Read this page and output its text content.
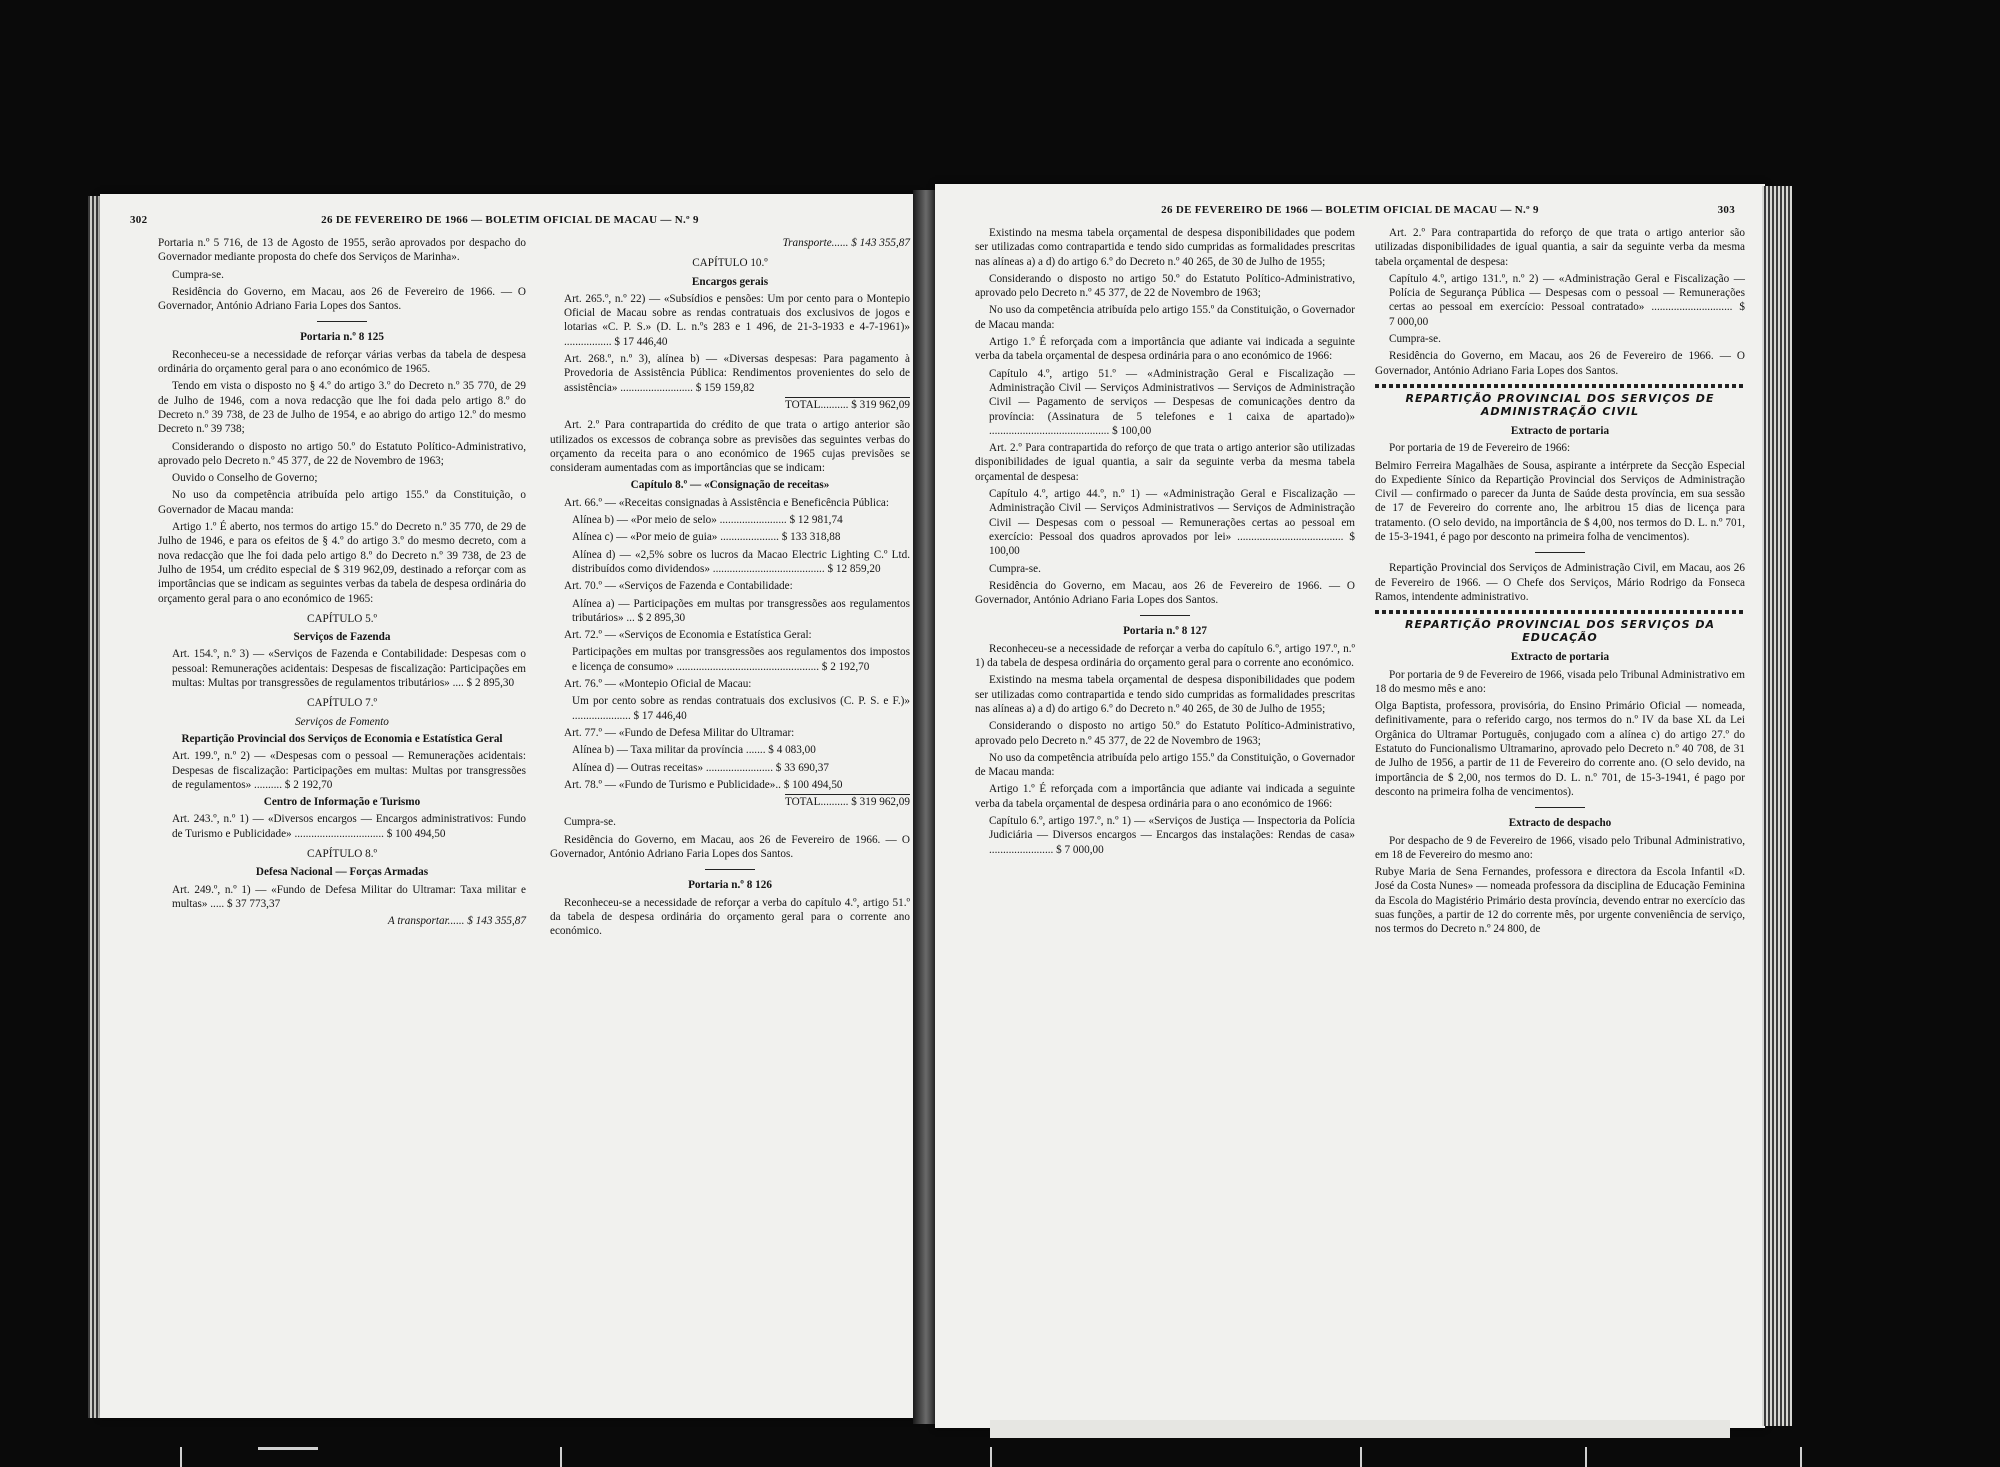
302	26 DE FEVEREIRO DE 1966 — BOLETIM OFICIAL DE MACAU — N.º 9

Portaria n.º 5 716, de 13 de Agosto de 1955, serão aprovados por despacho do Governador mediante proposta do chefe dos Serviços de Marinha».

Cumpra-se.

Residência do Governo, em Macau, aos 26 de Fevereiro de 1966. — O Governador, António Adriano Faria Lopes dos Santos.

Portaria n.º 8 125

Reconheceu-se a necessidade de reforçar várias verbas da tabela de despesa ordinária do orçamento geral para o ano económico de 1965.

Tendo em vista o disposto no § 4.º do artigo 3.º do Decreto n.º 35 770, de 29 de Julho de 1946, com a nova redacção que lhe foi dada pelo artigo 8.º do Decreto n.º 39 738, de 23 de Julho de 1954, e ao abrigo do artigo 12.º do mesmo Decreto n.º 39 738;

Considerando o disposto no artigo 50.º do Estatuto Político-Administrativo, aprovado pelo Decreto n.º 45 377, de 22 de Novembro de 1963;

Ouvido o Conselho de Governo;

No uso da competência atribuída pelo artigo 155.º da Constituição, o Governador de Macau manda:

Artigo 1.º É aberto, nos termos do artigo 15.º do Decreto n.º 35 770, de 29 de Julho de 1946, e para os efeitos de § 4.º do artigo 3.º do mesmo decreto, com a nova redacção que lhe foi dada pelo artigo 8.º do Decreto n.º 39 738, de 23 de Julho de 1954, um crédito especial de $ 319 962,09, destinado a reforçar com as importâncias que se indicam as seguintes verbas da tabela de despesa ordinária do orçamento geral para o ano económico de 1965:

CAPÍTULO 5.º
Serviços de Fazenda

Art. 154.º, n.º 3) — «Serviços de Fazenda e Contabilidade: Despesas com o pessoal: Remunerações acidentais: Despesas de fiscalização: Participações em multas: Multas por transgressões de regulamentos tributários» .... $ 2 895,30

CAPÍTULO 7.º
Serviços de Fomento
Repartição Provincial dos Serviços de Economia e Estatística Geral

Art. 199.º, n.º 2) — «Despesas com o pessoal — Remunerações acidentais: Despesas de fiscalização: Participações em multas: Multas por transgressões de regulamentos» .......... $ 2 192,70

Centro de Informação e Turismo

Art. 243.º, n.º 1) — «Diversos encargos — Encargos administrativos: Fundo de Turismo e Publicidade» ................................ $ 100 494,50

CAPÍTULO 8.º
Defesa Nacional — Forças Armadas

Art. 249.º, n.º 1) — «Fundo de Defesa Militar do Ultramar: Taxa militar e multas» ..... $ 37 773,37

A transportar...... $ 143 355,87
Transporte...... $ 143 355,87
CAPÍTULO 10.º
Encargos gerais

Art. 265.º, n.º 22) — «Subsídios e pensões: Um por cento para o Montepio Oficial de Macau sobre as rendas contratuais dos exclusivos de jogos e lotarias «C. P. S.» (D. L. n.ºs 283 e 1 496, de 21-3-1933 e 4-7-1961)» ................. $ 17 446,40

Art. 268.º, n.º 3), alínea b) — «Diversas despesas: Para pagamento à Provedoria de Assistência Pública: Rendimentos provenientes do selo de assistência» .......................... $ 159 159,82

TOTAL.......... $ 319 962,09

Art. 2.º Para contrapartida do crédito de que trata o artigo anterior são utilizados os excessos de cobrança sobre as previsões das seguintes verbas do orçamento da receita para o ano económico de 1965 cujas previsões se consideram aumentadas com as importâncias que se indicam:

Capítulo 8.º — «Consignação de receitas»

Art. 66.º — «Receitas consignadas à Assistência e Beneficência Pública:

Alínea b) — «Por meio de selo» ........................ $ 12 981,74

Alínea c) — «Por meio de guia» ..................... $ 133 318,88

Alínea d) — «2,5% sobre os lucros da Macao Electric Lighting C.º Ltd. distribuídos como dividendos» ........................................ $ 12 859,20

Art. 70.º — «Serviços de Fazenda e Contabilidade:

Alínea a) — Participações em multas por transgressões aos regulamentos tributários» ... $ 2 895,30

Art. 72.º — «Serviços de Economia e Estatística Geral:

Participações em multas por transgressões aos regulamentos dos impostos e licença de consumo» ................................................... $ 2 192,70

Art. 76.º — «Montepio Oficial de Macau:

Um por cento sobre as rendas contratuais dos exclusivos (C. P. S. e F.)» ..................... $ 17 446,40

Art. 77.º — «Fundo de Defesa Militar do Ultramar:

Alínea b) — Taxa militar da província ....... $ 4 083,00

Alínea d) — Outras receitas» ........................ $ 33 690,37

Art. 78.º — «Fundo de Turismo e Publicidade».. $ 100 494,50

TOTAL.......... $ 319 962,09

Cumpra-se.

Residência do Governo, em Macau, aos 26 de Fevereiro de 1966. — O Governador, António Adriano Faria Lopes dos Santos.

Portaria n.º 8 126

Reconheceu-se a necessidade de reforçar a verba do capítulo 4.º, artigo 51.º da tabela de despesa ordinária do orçamento geral para o corrente ano económico.

26 DE FEVEREIRO DE 1966 — BOLETIM OFICIAL DE MACAU — N.º 9	303

Existindo na mesma tabela orçamental de despesa disponibilidades que podem ser utilizadas como contrapartida e tendo sido cumpridas as formalidades prescritas nas alíneas a) a d) do artigo 6.º do Decreto n.º 40 265, de 30 de Julho de 1955;

Considerando o disposto no artigo 50.º do Estatuto Político-Administrativo, aprovado pelo Decreto n.º 45 377, de 22 de Novembro de 1963;

No uso da competência atribuída pelo artigo 155.º da Constituição, o Governador de Macau manda:

Artigo 1.º É reforçada com a importância que adiante vai indicada a seguinte verba da tabela orçamental de despesa ordinária para o ano económico de 1966:

Capítulo 4.º, artigo 51.º — «Administração Geral e Fiscalização — Administração Civil — Serviços Administrativos — Serviços de Administração Civil — Pagamento de serviços — Despesas de comunicações dentro da província: (Assinatura de 5 telefones e 1 caixa de apartado)» ........................................... $ 100,00

Art. 2.º Para contrapartida do reforço de que trata o artigo anterior são utilizadas disponibilidades de igual quantia, a sair da seguinte verba da mesma tabela orçamental de despesa:

Capítulo 4.º, artigo 44.º, n.º 1) — «Administração Geral e Fiscalização — Administração Civil — Serviços Administrativos — Serviços de Administração Civil — Despesas com o pessoal — Remunerações certas ao pessoal em exercício: Pessoal dos quadros aprovados por lei» ...................................... $ 100,00

Cumpra-se.

Residência do Governo, em Macau, aos 26 de Fevereiro de 1966. — O Governador, António Adriano Faria Lopes dos Santos.

Portaria n.º 8 127

Reconheceu-se a necessidade de reforçar a verba do capítulo 6.º, artigo 197.º, n.º 1) da tabela de despesa ordinária do orçamento geral para o corrente ano económico.

Existindo na mesma tabela orçamental de despesa disponibilidades que podem ser utilizadas como contrapartida e tendo sido cumpridas as formalidades prescritas nas alíneas a) a d) do artigo 6.º do Decreto n.º 40 265, de 30 de Julho de 1955;

Considerando o disposto no artigo 50.º do Estatuto Político-Administrativo, aprovado pelo Decreto n.º 45 377, de 22 de Novembro de 1963;

No uso da competência atribuída pelo artigo 155.º da Constituição, o Governador de Macau manda:

Artigo 1.º É reforçada com a importância que adiante vai indicada a seguinte verba da tabela orçamental de despesa ordinária para o ano económico de 1966:

Capítulo 6.º, artigo 197.º, n.º 1) — «Serviços de Justiça — Inspectoria da Polícia Judiciária — Diversos encargos — Encargos das instalações: Rendas de casa» ....................... $ 7 000,00

Art. 2.º Para contrapartida do reforço de que trata o artigo anterior são utilizadas disponibilidades de igual quantia, a sair da seguinte verba da mesma tabela orçamental de despesa:

Capítulo 4.º, artigo 131.º, n.º 2) — «Administração Geral e Fiscalização — Polícia de Segurança Pública — Despesas com o pessoal — Remunerações certas ao pessoal em exercício: Pessoal contratado» ............................. $ 7 000,00

Cumpra-se.

Residência do Governo, em Macau, aos 26 de Fevereiro de 1966. — O Governador, António Adriano Faria Lopes dos Santos.

REPARTIÇÃO PROVINCIAL DOS SERVIÇOS DE ADMINISTRAÇÃO CIVIL
Extracto de portaria

Por portaria de 19 de Fevereiro de 1966:

Belmiro Ferreira Magalhães de Sousa, aspirante a intérprete da Secção Especial do Expediente Sínico da Repartição Provincial dos Serviços de Administração Civil — confirmado o parecer da Junta de Saúde desta província, em sua sessão de 17 de Fevereiro do corrente ano, lhe arbitrou 15 dias de licença para tratamento. (O selo devido, na importância de $ 4,00, nos termos do D. L. n.º 701, de 15-3-1941, é pago por desconto na primeira folha de vencimentos).

Repartição Provincial dos Serviços de Administração Civil, em Macau, aos 26 de Fevereiro de 1966. — O Chefe dos Serviços, Mário Rodrigo da Fonseca Ramos, intendente administrativo.

REPARTIÇÃO PROVINCIAL DOS SERVIÇOS DA EDUCAÇÃO
Extracto de portaria

Por portaria de 9 de Fevereiro de 1966, visada pelo Tribunal Administrativo em 18 do mesmo mês e ano:

Olga Baptista, professora, provisória, do Ensino Primário Oficial — nomeada, definitivamente, para o referido cargo, nos termos do n.º IV da base XL da Lei Orgânica do Ultramar Português, conjugado com a alínea c) do artigo 27.º do Estatuto do Funcionalismo Ultramarino, aprovado pelo Decreto n.º 40 708, de 31 de Julho de 1956, a partir de 11 de Fevereiro do corrente ano. (O selo devido, na importância de $ 2,00, nos termos do D. L. n.º 701, de 15-3-1941, é pago por desconto na primeira folha de vencimentos).

Extracto de despacho

Por despacho de 9 de Fevereiro de 1966, visado pelo Tribunal Administrativo, em 18 de Fevereiro do mesmo ano:

Rubye Maria de Sena Fernandes, professora e directora da Escola Infantil «D. José da Costa Nunes» — nomeada professora da disciplina de Educação Feminina da Escola do Magistério Primário desta província, devendo entrar no exercício das suas funções, a partir de 12 do corrente mês, por urgente conveniência de serviço, nos termos do Decreto n.º 24 800, de
